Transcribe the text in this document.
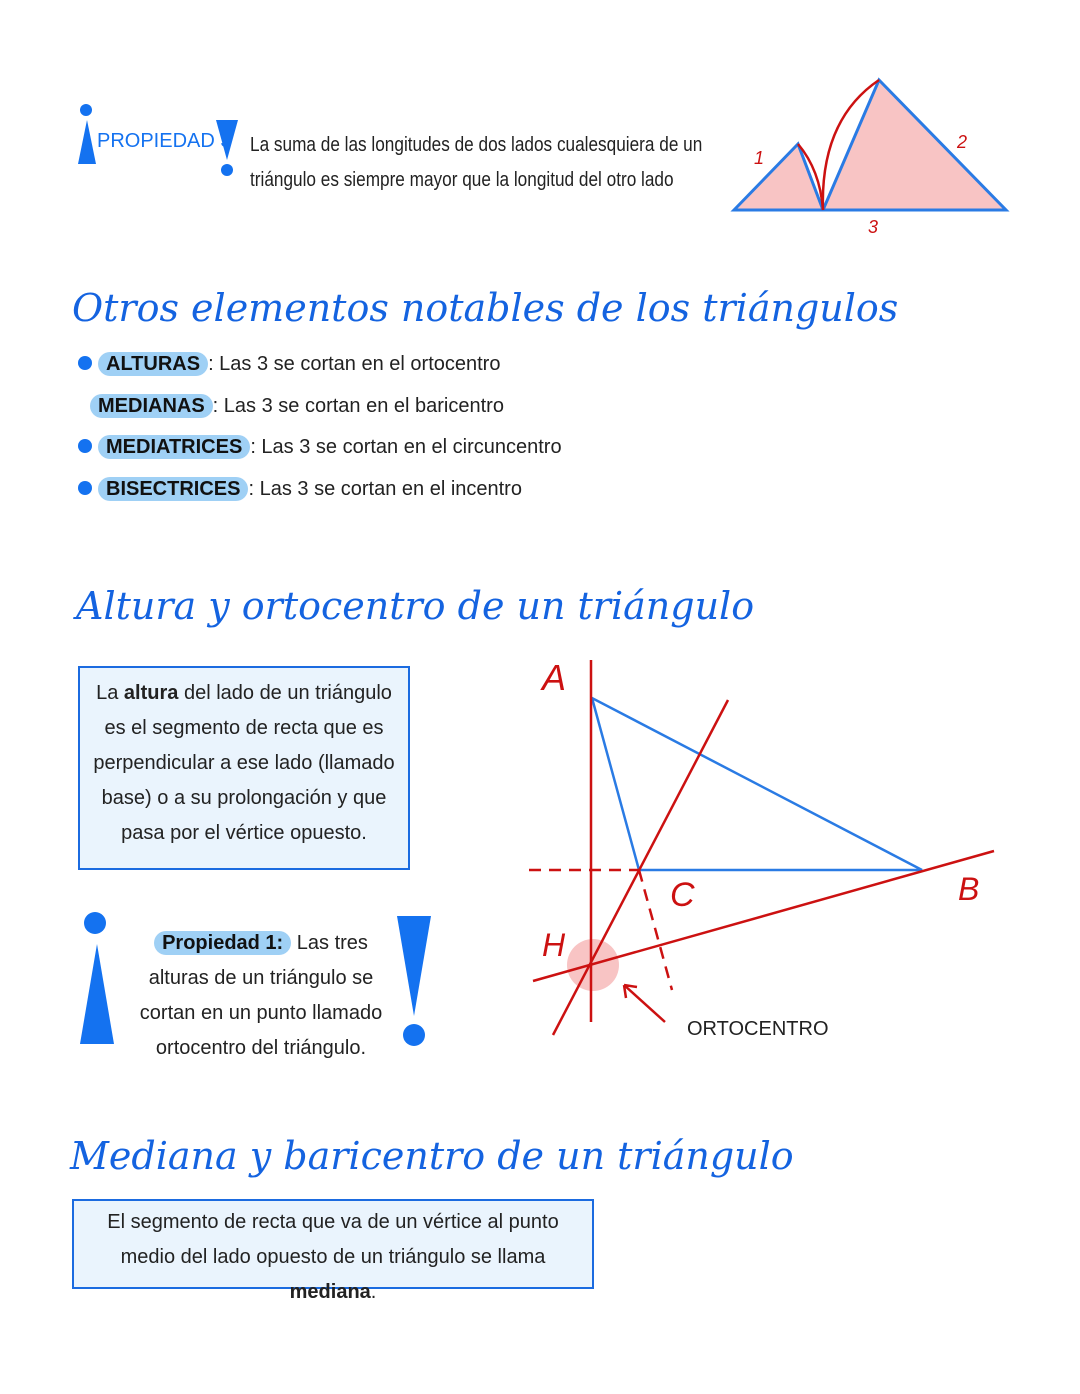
PROPIEDAD 3 La suma de las longitudes de dos lados cualesquiera de un
triángulo es siempre mayor que la longitud del otro lado
1
2
3
Otros elementos notables de los triángulos
ALTURAS : Las 3 se cortan en el ortocentro
MEDIANAS : Las 3 se cortan en el baricentro
MEDIATRICES : Las 3 se cortan en el circuncentro
BISECTRICES : Las 3 se cortan en el incentro
Altura y ortocentro de un triángulo
La altura del lado de un triángulo es el segmento de recta que es perpendicular a ese lado (llamado base) o a su prolongación y que pasa por el vértice opuesto.
Propiedad 1: Las tres alturas de un triángulo se cortan en un punto llamado ortocentro del triángulo.
A
B
C
H
ORTOCENTRO
Mediana y baricentro de un triángulo
El segmento de recta que va de un vértice al punto medio del lado opuesto de un triángulo se llama mediana.
